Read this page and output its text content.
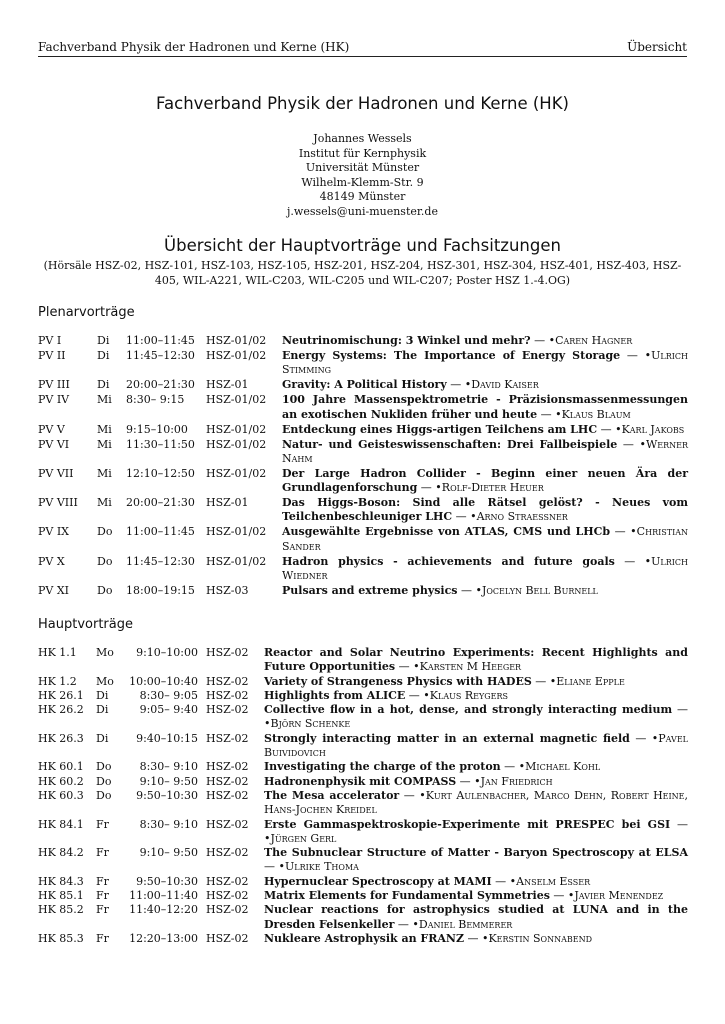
Fachverband Physik der Hadronen und Kerne (HK)	Übersicht
Fachverband Physik der Hadronen und Kerne (HK)
Johannes Wessels
Institut für Kernphysik
Universität Münster
Wilhelm-Klemm-Str. 9
48149 Münster
j.wessels@uni-muenster.de
Übersicht der Hauptvorträge und Fachsitzungen
(Hörsäle HSZ-02, HSZ-101, HSZ-103, HSZ-105, HSZ-201, HSZ-204, HSZ-301, HSZ-304, HSZ-401, HSZ-403, HSZ-405, WIL-A221, WIL-C203, WIL-C205 und WIL-C207; Poster HSZ 1.-4.OG)
Plenarvorträge
PV I	Di	11:00–11:45	HSZ-01/02	Neutrinomischung: 3 Winkel und mehr? — •Caren Hagner
PV II	Di	11:45–12:30	HSZ-01/02	Energy Systems: The Importance of Energy Storage — •Ulrich Stimming
PV III	Di	20:00–21:30	HSZ-01	Gravity: A Political History — •David Kaiser
PV IV	Mi	8:30– 9:15	HSZ-01/02	100 Jahre Massenspektrometrie - Präzisionsmassenmessungen an exotischen Nukliden früher und heute — •Klaus Blaum
PV V	Mi	9:15–10:00	HSZ-01/02	Entdeckung eines Higgs-artigen Teilchens am LHC — •Karl Jakobs
PV VI	Mi	11:30–11:50	HSZ-01/02	Natur- und Geisteswissenschaften: Drei Fallbeispiele — •Werner Nahm
PV VII	Mi	12:10–12:50	HSZ-01/02	Der Large Hadron Collider - Beginn einer neuen Ära der Grundlagenforschung — •Rolf-Dieter Heuer
PV VIII	Mi	20:00–21:30	HSZ-01	Das Higgs-Boson: Sind alle Rätsel gelöst? - Neues vom Teilchenbeschleuniger LHC — •Arno Straessner
PV IX	Do	11:00–11:45	HSZ-01/02	Ausgewählte Ergebnisse von ATLAS, CMS und LHCb — •Christian Sander
PV X	Do	11:45–12:30	HSZ-01/02	Hadron physics - achievements and future goals — •Ulrich Wiedner
PV XI	Do	18:00–19:15	HSZ-03	Pulsars and extreme physics — •Jocelyn Bell Burnell
Hauptvorträge
HK 1.1	Mo	9:10–10:00 HSZ-02	Reactor and Solar Neutrino Experiments: Recent Highlights and Future Opportunities — •Karsten M Heeger
HK 1.2	Mo	10:00–10:40 HSZ-02	Variety of Strangeness Physics with HADES — •Eliane Epple
HK 26.1	Di	8:30– 9:05 HSZ-02	Highlights from ALICE — •Klaus Reygers
HK 26.2	Di	9:05– 9:40 HSZ-02	Collective flow in a hot, dense, and strongly interacting medium — •Björn Schenke
HK 26.3	Di	9:40–10:15 HSZ-02	Strongly interacting matter in an external magnetic field — •Pavel Buividovich
HK 60.1	Do	8:30– 9:10 HSZ-02	Investigating the charge of the proton — •Michael Kohl
HK 60.2	Do	9:10– 9:50 HSZ-02	Hadronenphysik mit COMPASS — •Jan Friedrich
HK 60.3	Do	9:50–10:30 HSZ-02	The Mesa accelerator — •Kurt Aulenbacher, Marco Dehn, Robert Heine, Hans-Jochen Kreidel
HK 84.1	Fr	8:30– 9:10 HSZ-02	Erste Gammaspektroskopie-Experimente mit PRESPEC bei GSI — •Jürgen Gerl
HK 84.2	Fr	9:10– 9:50 HSZ-02	The Subnuclear Structure of Matter - Baryon Spectroscopy at ELSA — •Ulrike Thoma
HK 84.3	Fr	9:50–10:30 HSZ-02	Hypernuclear Spectroscopy at MAMI — •Anselm Esser
HK 85.1	Fr	11:00–11:40 HSZ-02	Matrix Elements for Fundamental Symmetries — •Javier Menendez
HK 85.2	Fr	11:40–12:20 HSZ-02	Nuclear reactions for astrophysics studied at LUNA and in the Dresden Felsenkeller — •Daniel Bemmerer
HK 85.3	Fr	12:20–13:00 HSZ-02	Nukleare Astrophysik an FRANZ — •Kerstin Sonnabend
